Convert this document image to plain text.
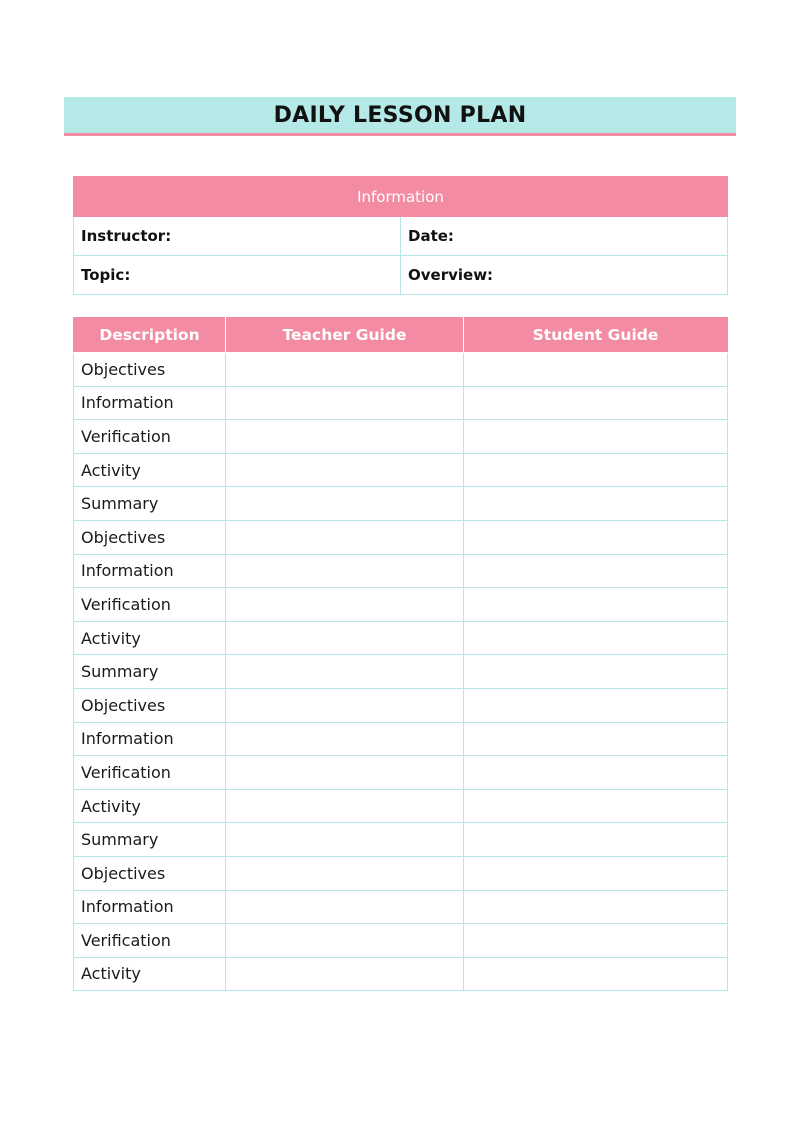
DAILY LESSON PLAN
Information	
Instructor:	Date:
Topic:	Overview:
Description	Teacher Guide	Student Guide
Objectives		
Information		
Verification		
Activity		
Summary		
Objectives		
Information		
Verification		
Activity		
Summary		
Objectives		
Information		
Verification		
Activity		
Summary		
Objectives		
Information		
Verification		
Activity		
